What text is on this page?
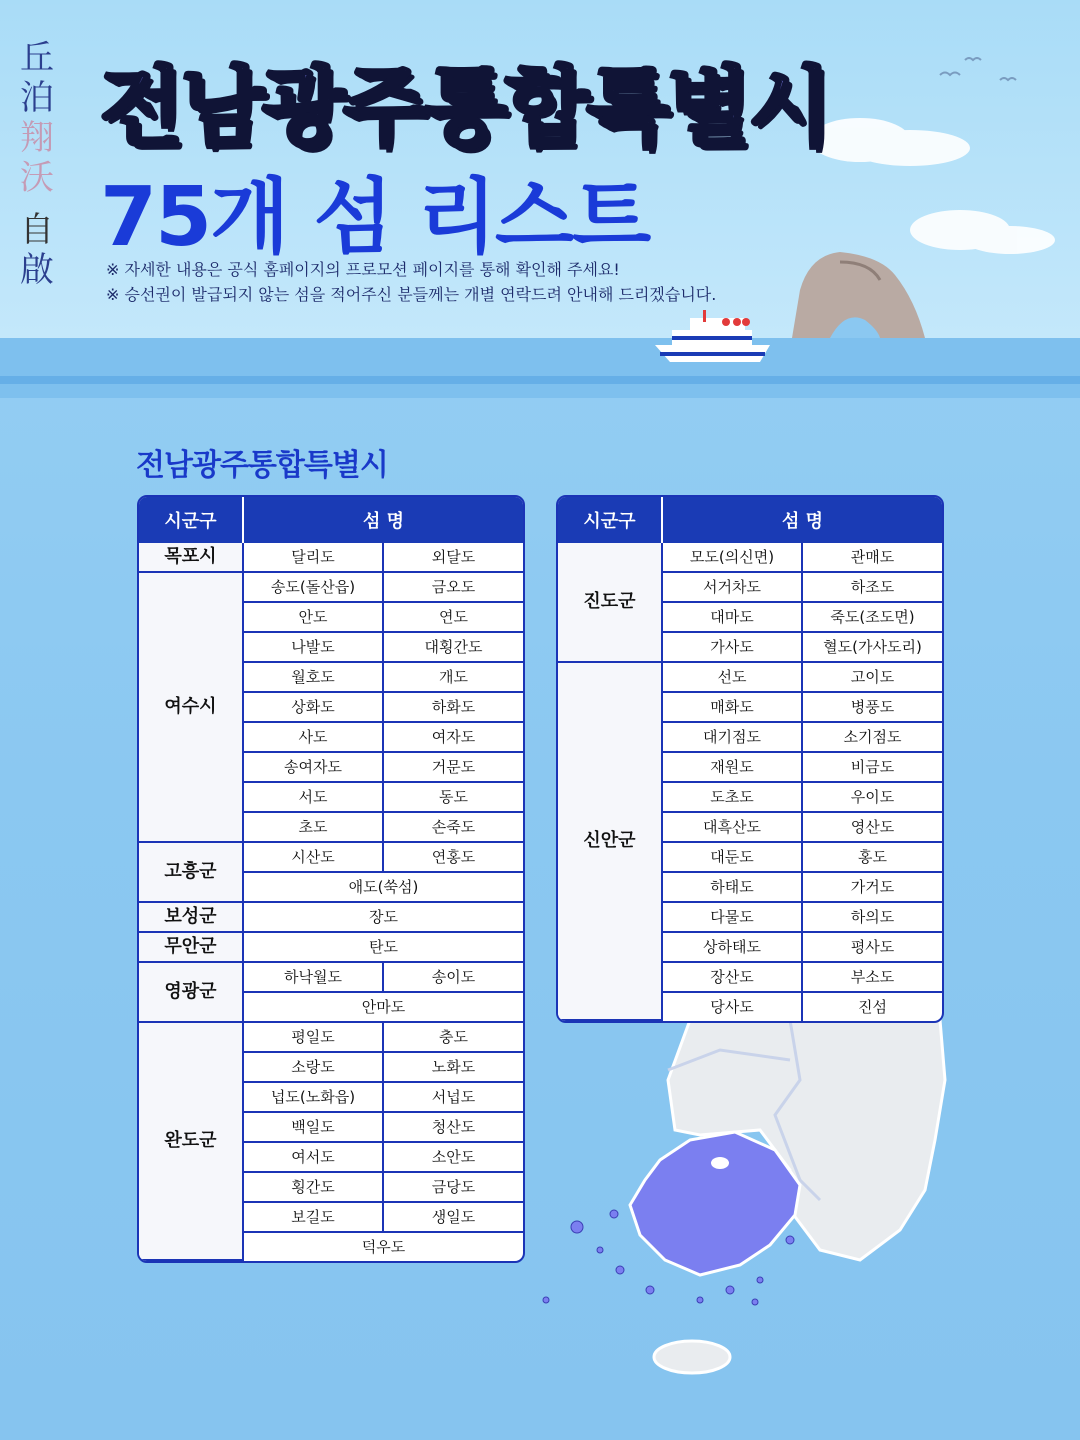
丘
泊
翔
沃
自
啟
전남광주통합특별시
75개 섬 리스트
※ 자세한 내용은 공식 홈페이지의 프로모션 페이지를 통해 확인해 주세요!
※ 승선권이 발급되지 않는 섬을 적어주신 분들께는 개별 연락드려 안내해 드리겠습니다.
전남광주통합특별시
시군구	섬 명	
목포시	달리도	외달도
여수시	송도(돌산읍)	금오도
	안도	연도
	나발도	대횡간도
	월호도	개도
	상화도	하화도
	사도	여자도
	송여자도	거문도
	서도	동도
	초도	손죽도
고흥군	시산도	연홍도
	애도(쑥섬)	
보성군	장도	
무안군	탄도	
영광군	하낙월도	송이도
	안마도	
완도군	평일도	충도
	소랑도	노화도
	넙도(노화읍)	서넙도
	백일도	청산도
	여서도	소안도
	횡간도	금당도
	보길도	생일도
	덕우도	
시군구	섬 명	
진도군	모도(의신면)	관매도
	서거차도	하조도
	대마도	죽도(조도면)
	가사도	혈도(가사도리)
신안군	선도	고이도
	매화도	병풍도
	대기점도	소기점도
	재원도	비금도
	도초도	우이도
	대흑산도	영산도
	대둔도	홍도
	하태도	가거도
	다물도	하의도
	상하태도	평사도
	장산도	부소도
	당사도	진섬
